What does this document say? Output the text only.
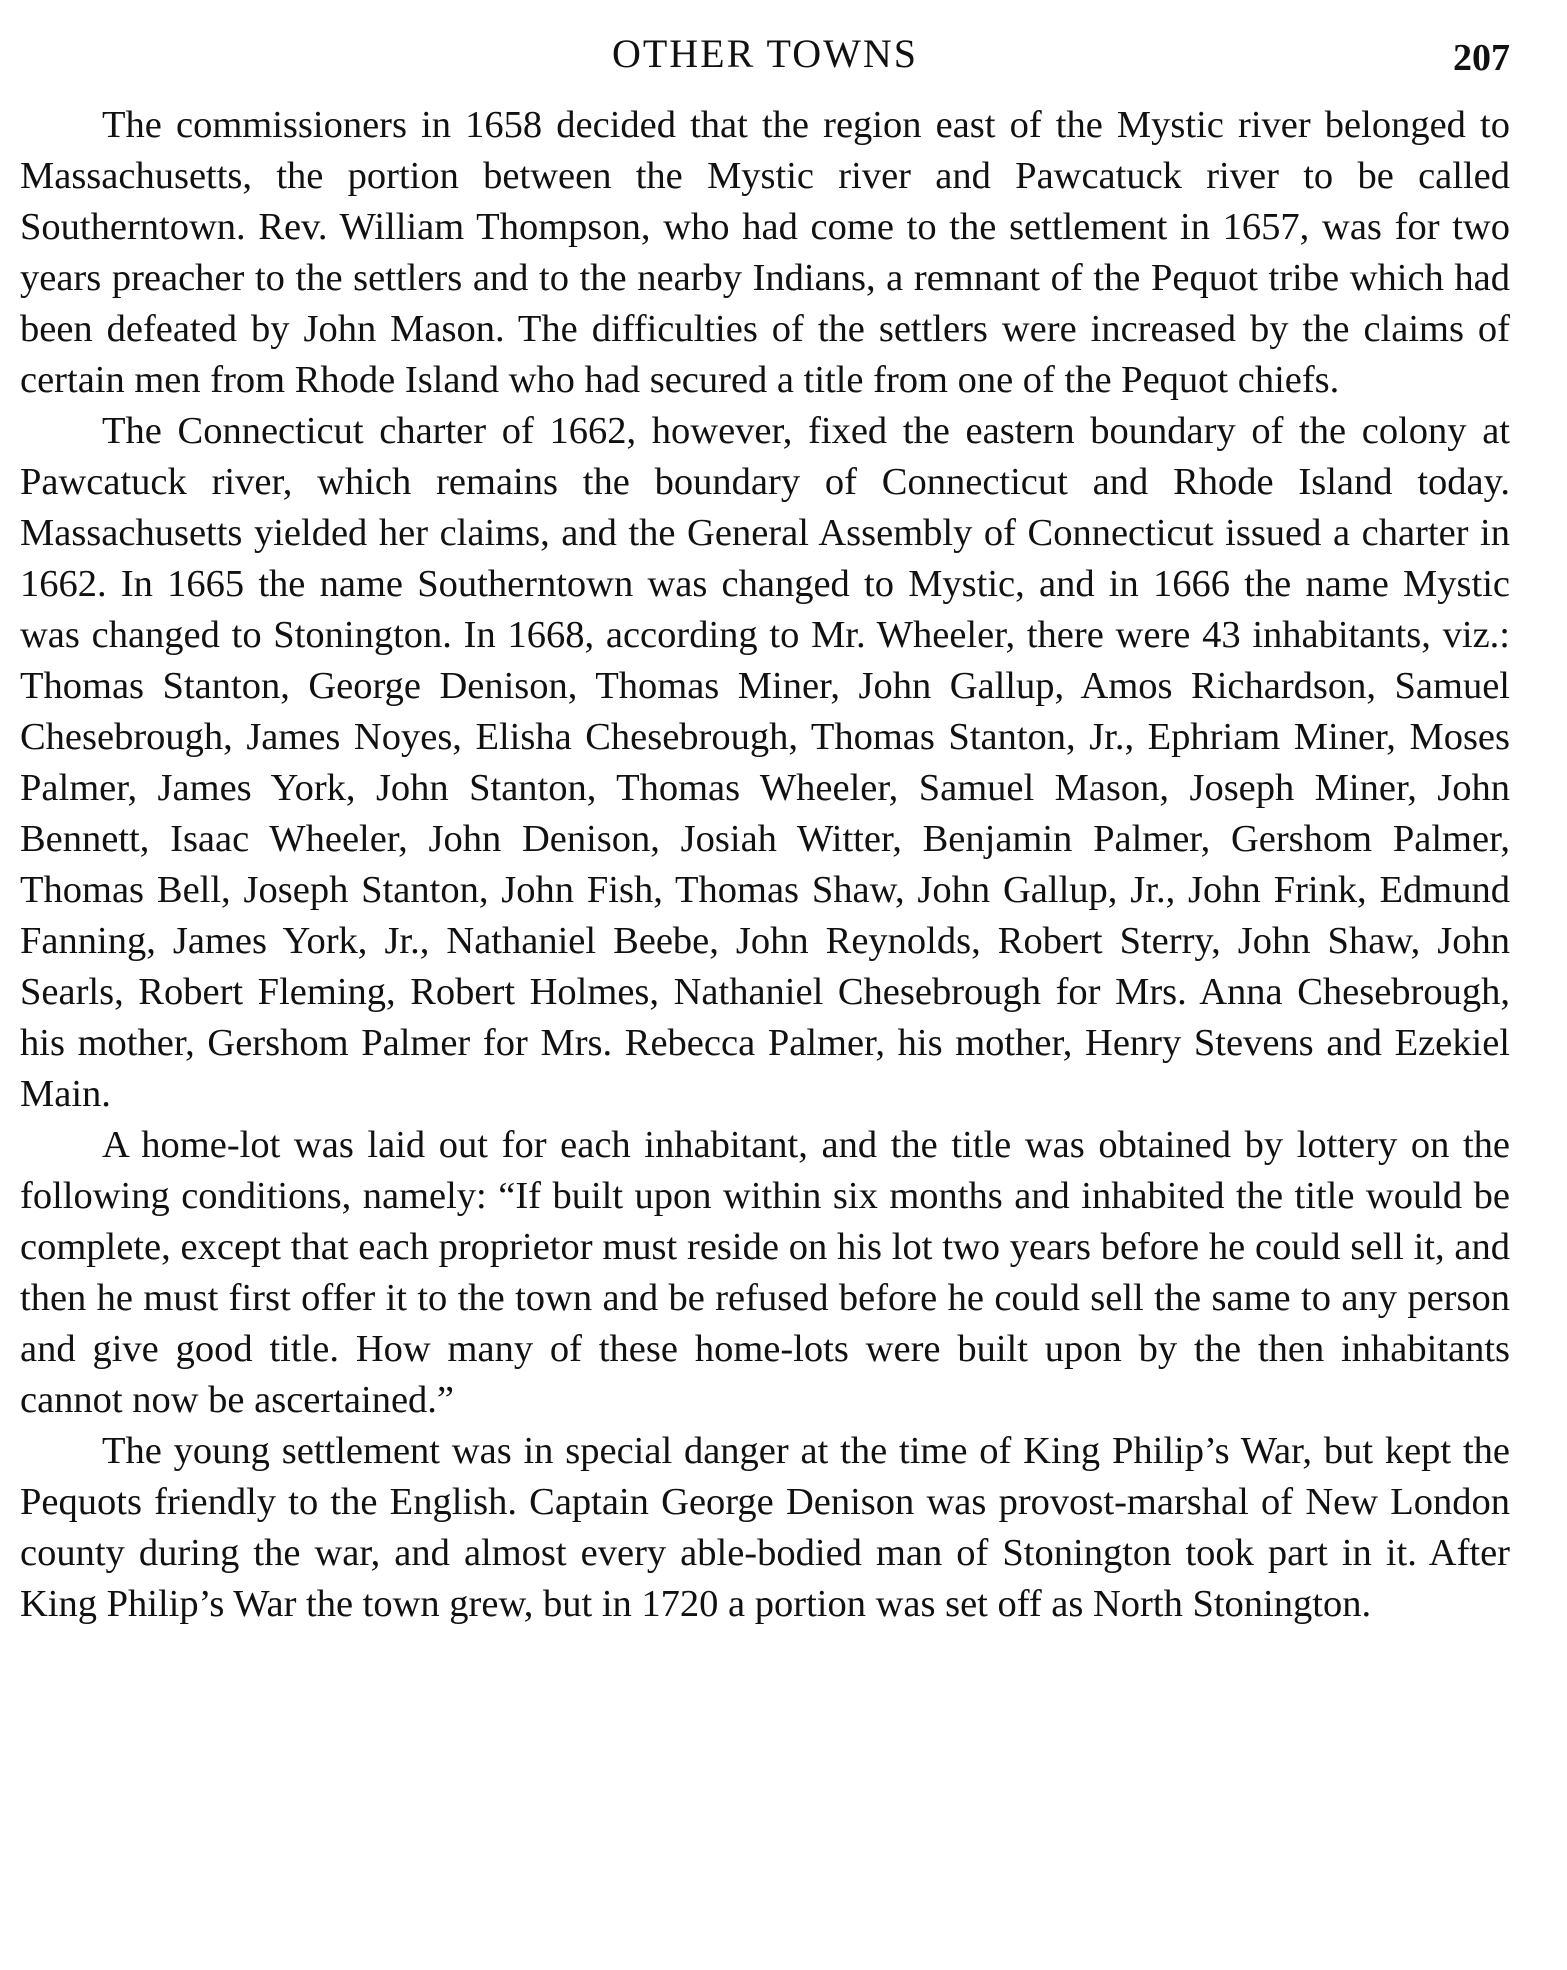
OTHER TOWNS	207

The commissioners in 1658 decided that the region east of the Mystic river belonged to Massachusetts, the portion between the Mystic river and Pawcatuck river to be called Southerntown. Rev. William Thompson, who had come to the settlement in 1657, was for two years preacher to the settlers and to the nearby Indians, a remnant of the Pequot tribe which had been defeated by John Mason. The difficulties of the settlers were increased by the claims of certain men from Rhode Island who had secured a title from one of the Pequot chiefs.

The Connecticut charter of 1662, however, fixed the eastern boundary of the colony at Pawcatuck river, which remains the boundary of Connecticut and Rhode Island today. Massachusetts yielded her claims, and the General Assembly of Connecticut issued a charter in 1662. In 1665 the name Southerntown was changed to Mystic, and in 1666 the name Mystic was changed to Stonington. In 1668, according to Mr. Wheeler, there were 43 inhabitants, viz.: Thomas Stanton, George Denison, Thomas Miner, John Gallup, Amos Richardson, Samuel Chesebrough, James Noyes, Elisha Chesebrough, Thomas Stanton, Jr., Ephriam Miner, Moses Palmer, James York, John Stanton, Thomas Wheeler, Samuel Mason, Joseph Miner, John Bennett, Isaac Wheeler, John Denison, Josiah Witter, Benjamin Palmer, Gershom Palmer, Thomas Bell, Joseph Stanton, John Fish, Thomas Shaw, John Gallup, Jr., John Frink, Edmund Fanning, James York, Jr., Nathaniel Beebe, John Reynolds, Robert Sterry, John Shaw, John Searls, Robert Fleming, Robert Holmes, Nathaniel Chesebrough for Mrs. Anna Chesebrough, his mother, Gershom Palmer for Mrs. Rebecca Palmer, his mother, Henry Stevens and Ezekiel Main.

A home-lot was laid out for each inhabitant, and the title was obtained by lottery on the following conditions, namely: “If built upon within six months and inhabited the title would be complete, except that each proprietor must reside on his lot two years before he could sell it, and then he must first offer it to the town and be refused before he could sell the same to any person and give good title. How many of these home-lots were built upon by the then inhabitants cannot now be ascertained.”

The young settlement was in special danger at the time of King Philip’s War, but kept the Pequots friendly to the English. Captain George Denison was provost-marshal of New London county during the war, and almost every able-bodied man of Stonington took part in it. After King Philip’s War the town grew, but in 1720 a portion was set off as North Stonington.
